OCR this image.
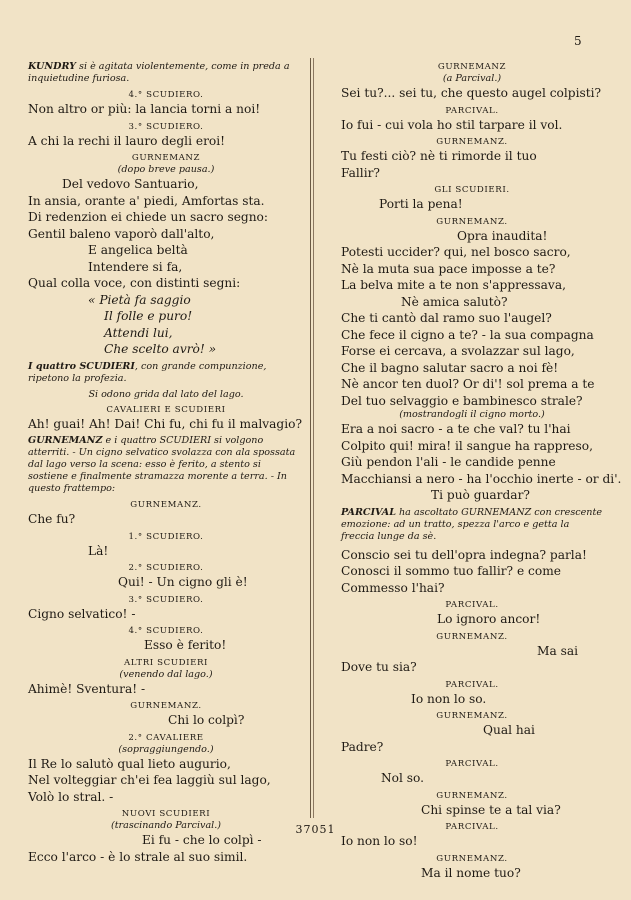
5
KUNDRY si è agitata violentemente, come in preda a inquietudine furiosa.
4.° SCUDIERO.
Non altro or più: la lancia torni a noi!
3.° SCUDIERO.
A chi la rechi il lauro degli eroi!
GURNEMANZ
(dopo breve pausa.)
Del vedovo Santuario,
In ansia, orante a' piedi, Amfortas sta.
Di redenzion ei chiede un sacro segno:
Gentil baleno vaporò dall'alto,
E angelica beltà
Intendere si fa,
Qual colla voce, con distinti segni:
« Pietà fa saggio
Il folle e puro!
Attendi lui,
Che scelto avrò! »
I quattro SCUDIERI, con grande compunzione, ripetono la profezia.
Si odono grida dal lato del lago.
CAVALIERI E SCUDIERI
Ah! guai! Ah! Dai! Chi fu, chi fu il malvagio?
GURNEMANZ e i quattro SCUDIERI si volgono atterriti. - Un cigno selvatico svolazza con ala spossata dal lago verso la scena: esso è ferito, a stento si sostiene e finalmente stramazza morente a terra. - In questo frattempo:
GURNEMANZ.
Che fu?
1.° SCUDIERO.
Là!
2.° SCUDIERO.
Qui! - Un cigno gli è!
3.° SCUDIERO.
Cigno selvatico! -
4.° SCUDIERO.
Esso è ferito!
ALTRI SCUDIERI
(venendo dal lago.)
Ahimè! Sventura! -
GURNEMANZ.
Chi lo colpì?
2.° CAVALIERE
(sopraggiungendo.)
Il Re lo salutò qual lieto augurio,
Nel volteggiar ch'ei fea laggiù sul lago,
Volò lo stral. -
NUOVI SCUDIERI
(trascinando Parcival.)
Ei fu - che lo colpì -
Ecco l'arco - è lo strale al suo simil.
GURNEMANZ
(a Parcival.)
Sei tu?... sei tu, che questo augel colpisti?
PARCIVAL.
Io fui - cui vola ho stil tarpare il vol.
GURNEMANZ.
Tu festi ciò? nè ti rimorde il tuo
Fallir?
GLI SCUDIERI.
Porti la pena!
GURNEMANZ.
Opra inaudita!
Potesti uccider? qui, nel bosco sacro,
Nè la muta sua pace imposse a te?
La belva mite a te non s'appressava,
Nè amica salutò?
Che ti cantò dal ramo suo l'augel?
Che fece il cigno a te? - la sua compagna
Forse ei cercava, a svolazzar sul lago,
Che il bagno salutar sacro a noi fè!
Nè ancor ten duol? Or di'! sol prema a te
Del tuo selvaggio e bambinesco strale?
(mostrandogli il cigno morto.)
Era a noi sacro - a te che val? tu l'hai
Colpito qui! mira! il sangue ha rappreso,
Giù pendon l'ali - le candide penne
Macchiansi a nero - ha l'occhio inerte - or di'.
Ti può guardar?
PARCIVAL ha ascoltato GURNEMANZ con crescente emozione: ad un tratto, spezza l'arco e getta la freccia lunge da sè.
Conscio sei tu dell'opra indegna? parla!
Conosci il sommo tuo fallir? e come
Commesso l'hai?
PARCIVAL.
Lo ignoro ancor!
GURNEMANZ.
Ma sai
Dove tu sia?
PARCIVAL.
Io non lo so.
GURNEMANZ.
Qual hai
Padre?
PARCIVAL.
Nol so.
GURNEMANZ.
Chi spinse te a tal via?
PARCIVAL.
Io non lo so!
GURNEMANZ.
Ma il nome tuo?
37051
